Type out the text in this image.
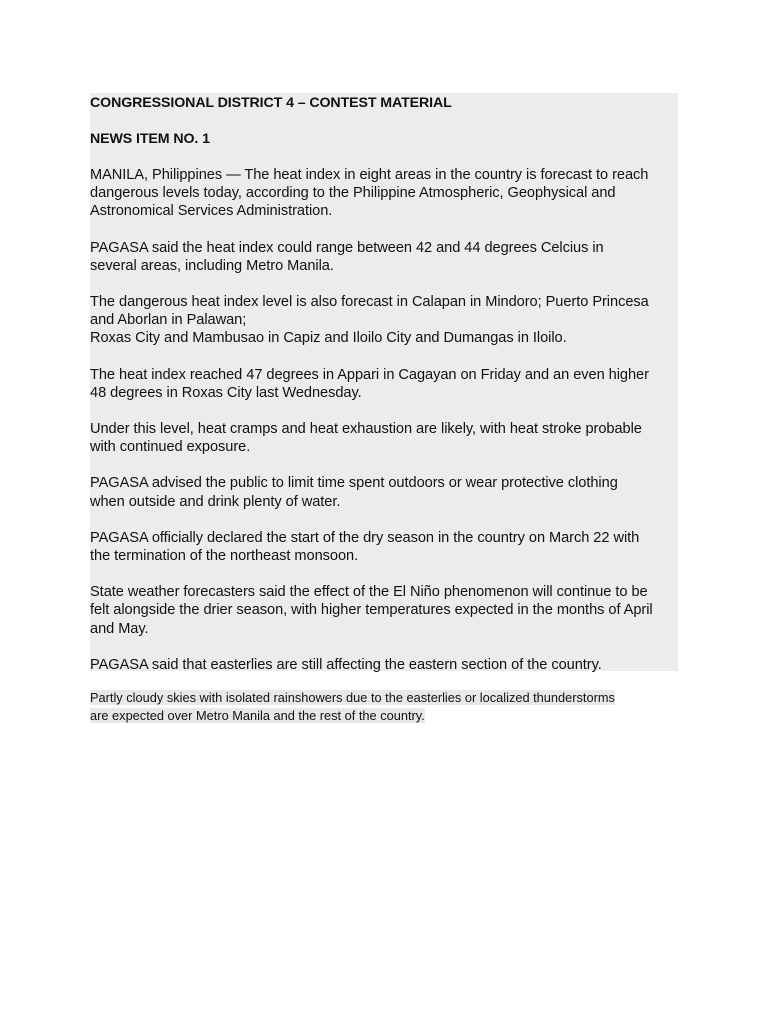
CONGRESSIONAL DISTRICT 4 – CONTEST MATERIAL

NEWS ITEM NO. 1

MANILA, Philippines — The heat index in eight areas in the country is forecast to reach
dangerous levels today, according to the Philippine Atmospheric, Geophysical and
Astronomical Services Administration.

PAGASA said the heat index could range between 42 and 44 degrees Celcius in
several areas, including Metro Manila.

The dangerous heat index level is also forecast in Calapan in Mindoro; Puerto Princesa
and Aborlan in Palawan;
Roxas City and Mambusao in Capiz and Iloilo City and Dumangas in Iloilo.

The heat index reached 47 degrees in Appari in Cagayan on Friday and an even higher
48 degrees in Roxas City last Wednesday.

Under this level, heat cramps and heat exhaustion are likely, with heat stroke probable
with continued exposure.

PAGASA advised the public to limit time spent outdoors or wear protective clothing
when outside and drink plenty of water.

PAGASA officially declared the start of the dry season in the country on March 22 with
the termination of the northeast monsoon.

State weather forecasters said the effect of the El Niño phenomenon will continue to be
felt alongside the drier season, with higher temperatures expected in the months of April
and May.

PAGASA said that easterlies are still affecting the eastern section of the country.

Partly cloudy skies with isolated rainshowers due to the easterlies or localized thunderstorms
are expected over Metro Manila and the rest of the country.
